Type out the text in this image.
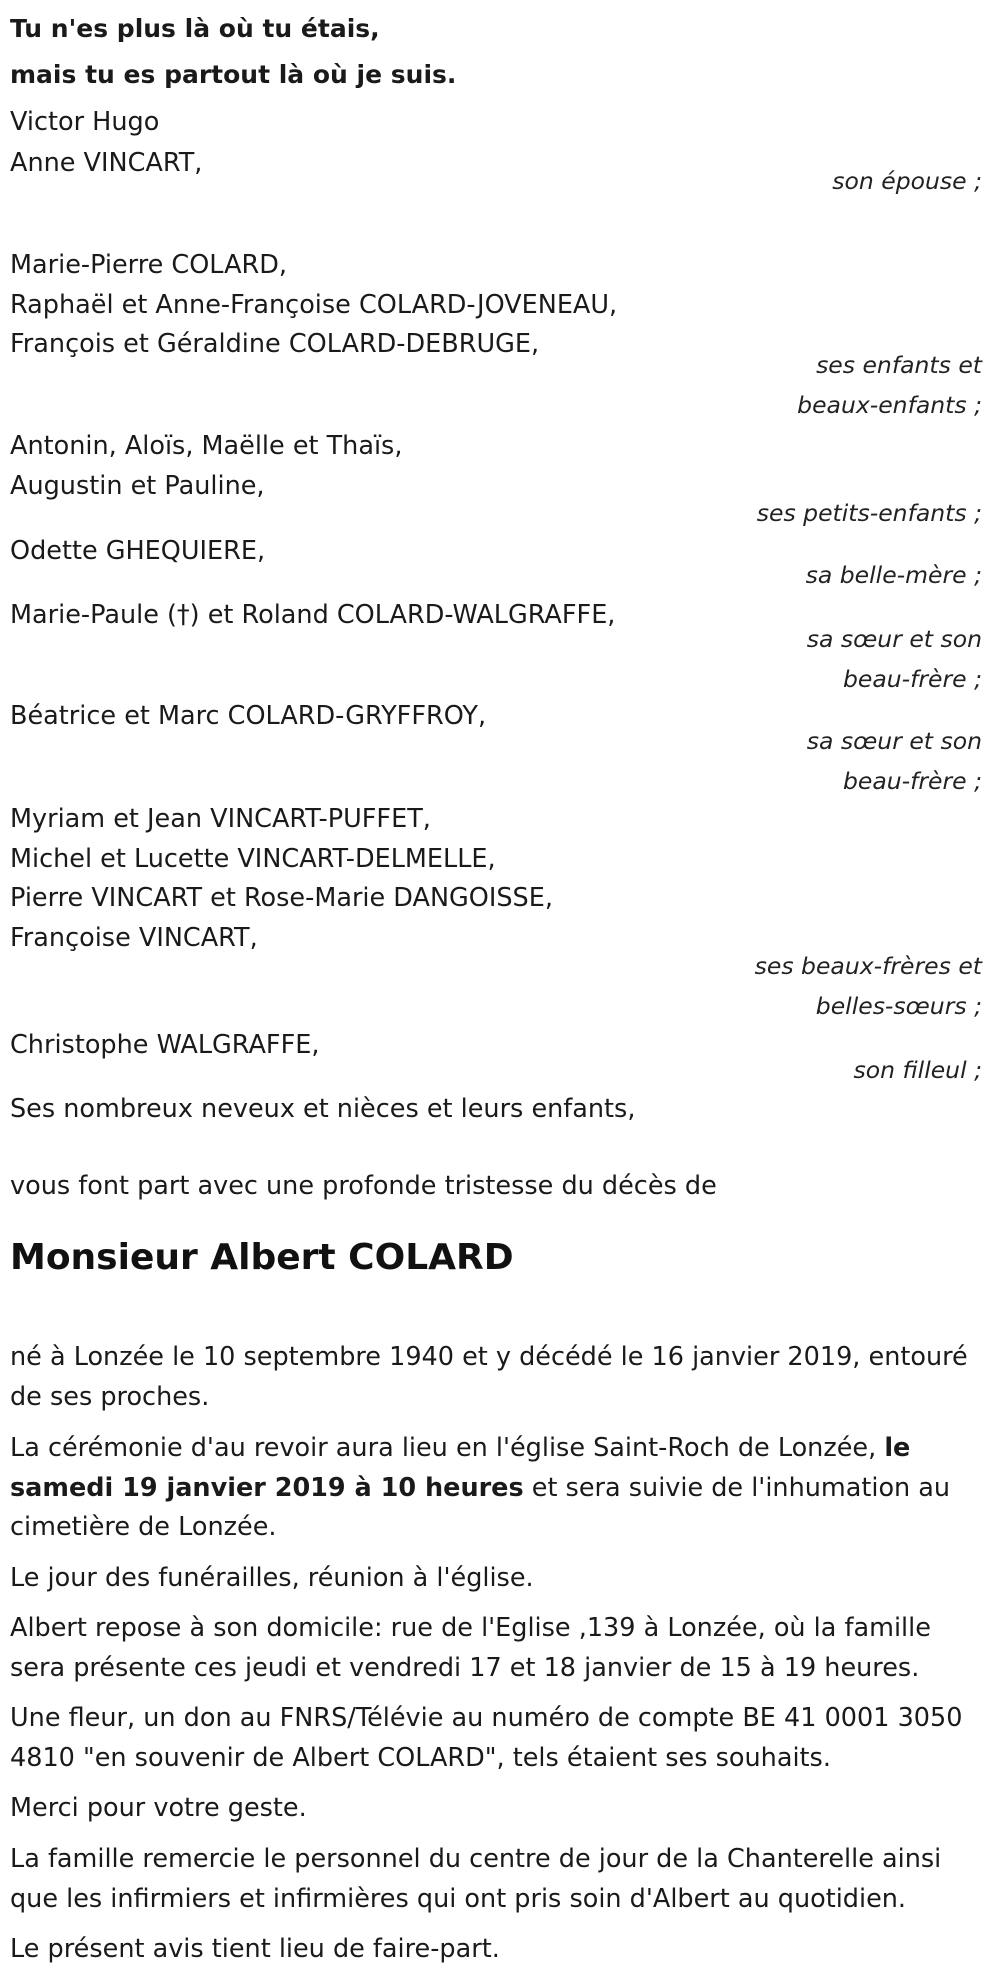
Tu n'es plus là où tu étais,
mais tu es partout là où je suis.
Victor Hugo
Anne VINCART,
son épouse ;
Marie-Pierre COLARD,
Raphaël et Anne-Françoise COLARD-JOVENEAU,
François et Géraldine COLARD-DEBRUGE,
ses enfants et
beaux-enfants ;
Antonin, Aloïs, Maëlle et Thaïs,
Augustin et Pauline,
ses petits-enfants ;
Odette GHEQUIERE,
sa belle-mère ;
Marie-Paule (†) et Roland COLARD-WALGRAFFE,
sa sœur et son
beau-frère ;
Béatrice et Marc COLARD-GRYFFROY,
sa sœur et son
beau-frère ;
Myriam et Jean VINCART-PUFFET,
Michel et Lucette VINCART-DELMELLE,
Pierre VINCART et Rose-Marie DANGOISSE,
Françoise VINCART,
ses beaux-frères et
belles-sœurs ;
Christophe WALGRAFFE,
son filleul ;
Ses nombreux neveux et nièces et leurs enfants,
vous font part avec une profonde tristesse du décès de
Monsieur Albert COLARD
né à Lonzée le 10 septembre 1940 et y décédé le 16 janvier 2019, entouré de ses proches.
La cérémonie d'au revoir aura lieu en l'église Saint-Roch de Lonzée, le samedi 19 janvier 2019 à 10 heures et sera suivie de l'inhumation au cimetière de Lonzée.
Le jour des funérailles, réunion à l'église.
Albert repose à son domicile: rue de l'Eglise ,139 à Lonzée, où la famille sera présente ces jeudi et vendredi 17 et 18 janvier de 15 à 19 heures.
Une fleur, un don au FNRS/Télévie au numéro de compte BE 41 0001 3050 4810 "en souvenir de Albert COLARD", tels étaient ses souhaits.
Merci pour votre geste.
La famille remercie le personnel du centre de jour de la Chanterelle ainsi que les infirmiers et infirmières qui ont pris soin d'Albert au quotidien.
Le présent avis tient lieu de faire-part.
